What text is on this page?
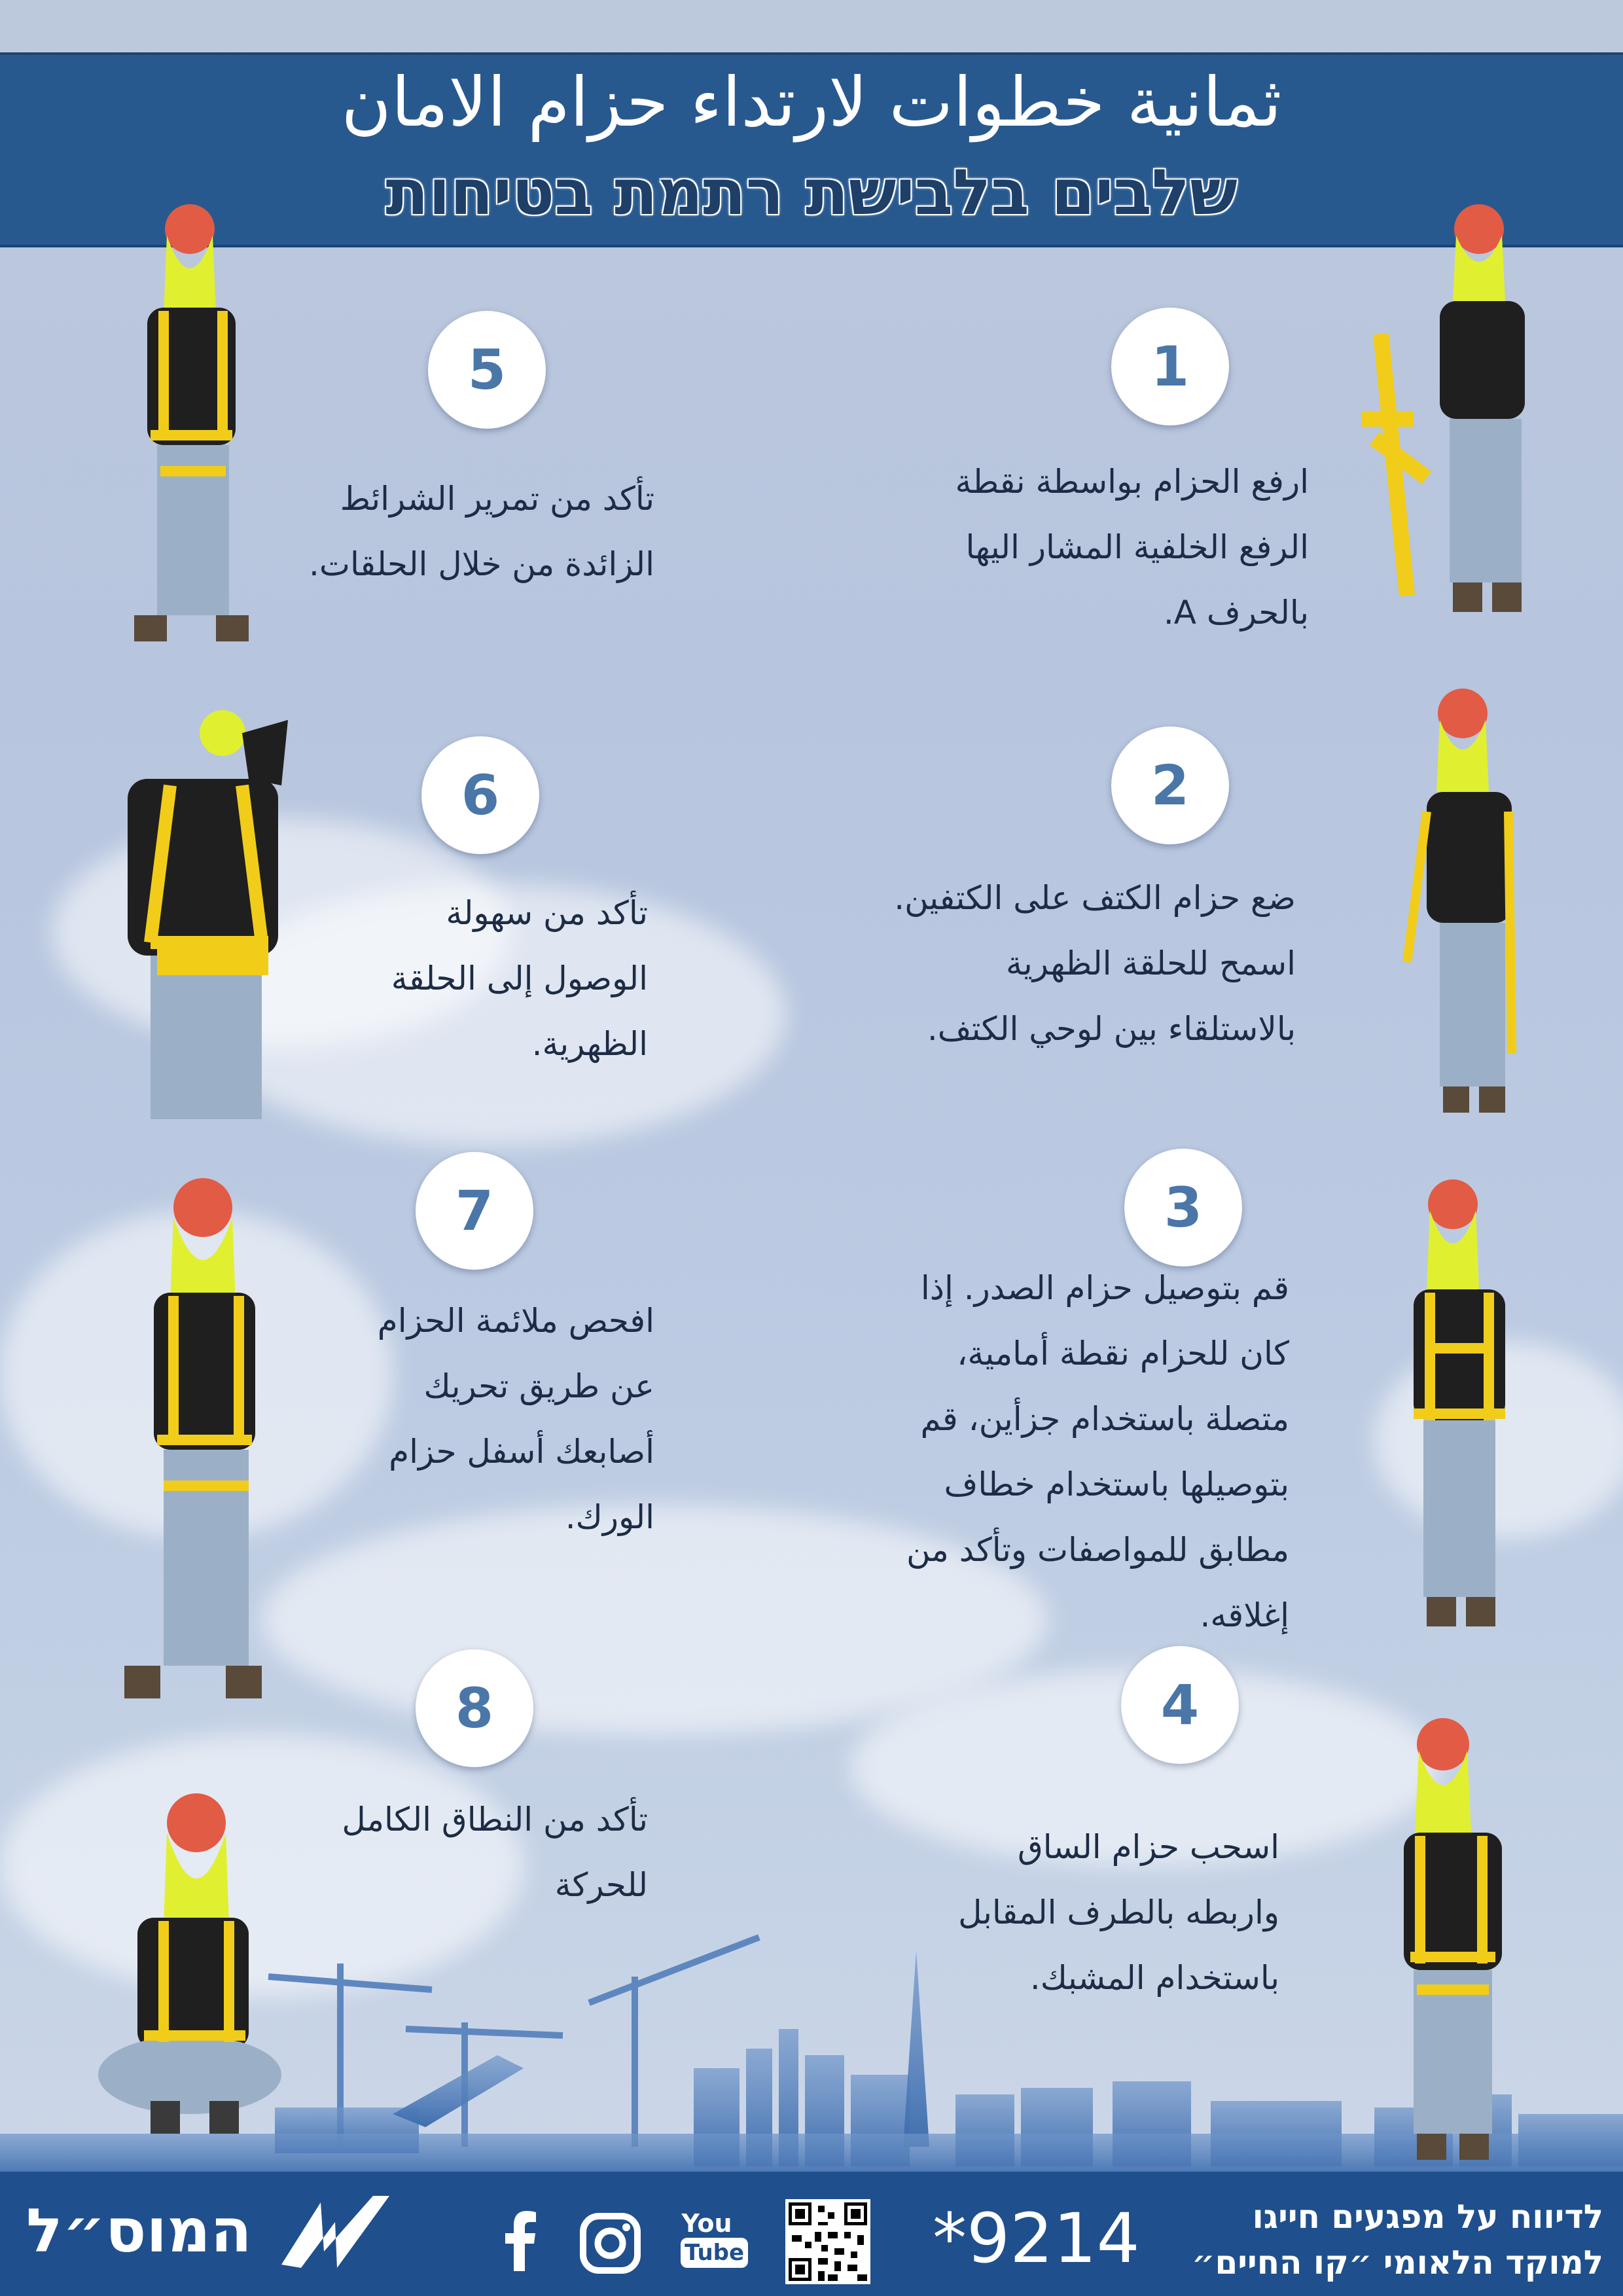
ثمانية خطوات لارتداء حزام الامان
שלבים בלבישת רתמת בטיחות
1
2
3
4
5
6
7
8
ارفع الحزام بواسطة نقطة
الرفع الخلفية المشار اليها
بالحرف A.
ضع حزام الكتف على الكتفين.
اسمح للحلقة الظهرية
بالاستلقاء بين لوحي الكتف.
قم بتوصيل حزام الصدر. إذا
كان للحزام نقطة أمامية،
متصلة باستخدام جزأين، قم
بتوصيلها باستخدام خطاف
مطابق للمواصفات وتأكد من
إغلاقه.
اسحب حزام الساق
واربطه بالطرف المقابل
باستخدام المشبك.
تأكد من تمرير الشرائط
الزائدة من خلال الحلقات.
تأكد من سهولة
الوصول إلى الحلقة
الظهرية.
افحص ملائمة الحزام
عن طريق تحريك
أصابعك أسفل حزام
الورك.
تأكد من النطاق الكامل
للحركة
המוס״ל	You
Tube	*9214	לדיווח על מפגעים חייגו
למוקד הלאומי ״קו החיים״
